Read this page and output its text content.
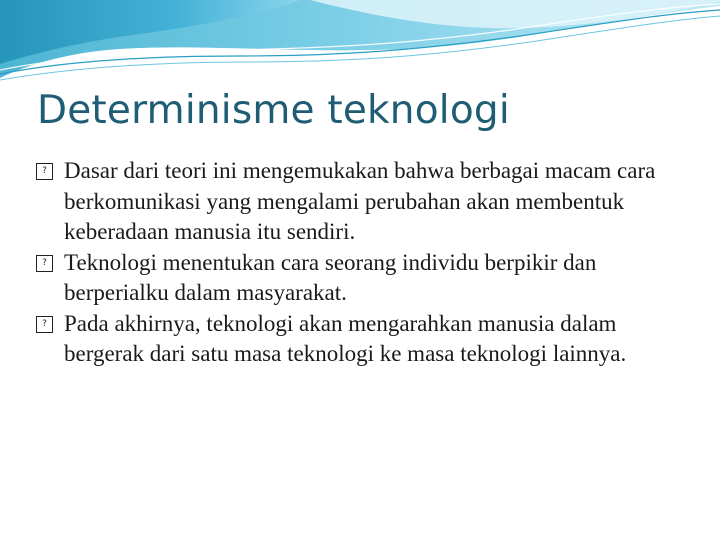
Determinisme teknologi

? Dasar dari teori ini mengemukakan bahwa berbagai macam cara berkomunikasi yang mengalami perubahan akan membentuk keberadaan manusia itu sendiri.

? Teknologi menentukan cara seorang individu berpikir dan berperialku dalam masyarakat.

? Pada akhirnya, teknologi akan mengarahkan manusia dalam bergerak dari satu masa teknologi ke masa teknologi lainnya.
